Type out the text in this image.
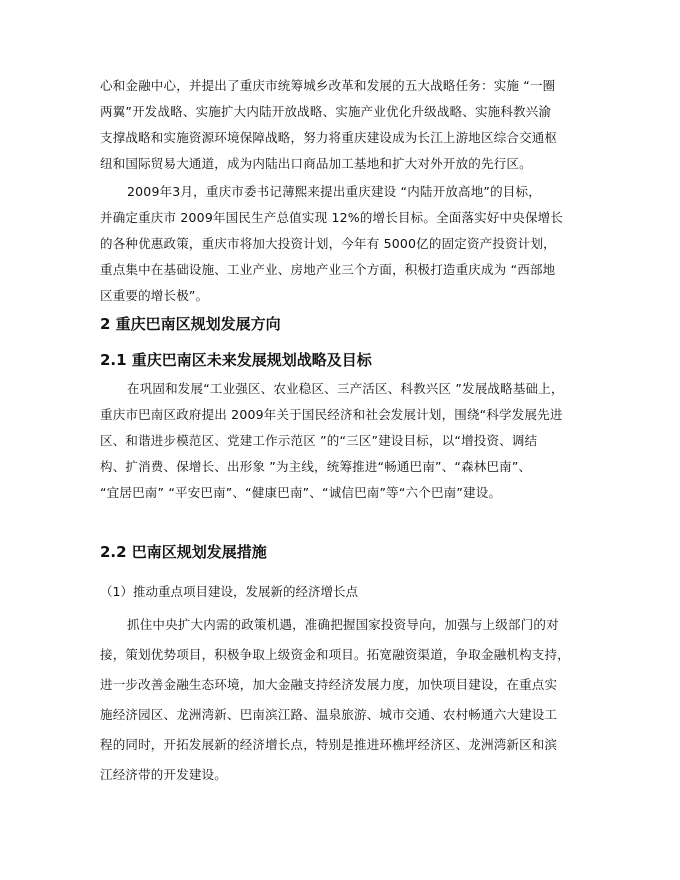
心和金融中心，并提出了重庆市统筹城乡改革和发展的五大战略任务：实施 “一圈
两翼”开发战略、实施扩大内陆开放战略、实施产业优化升级战略、实施科教兴渝
支撑战略和实施资源环境保障战略，努力将重庆建设成为长江上游地区综合交通枢
纽和国际贸易大通道，成为内陆出口商品加工基地和扩大对外开放的先行区。
2009年3月，重庆市委书记薄熙来提出重庆建设 “内陆开放高地”的目标，
并确定重庆市 2009年国民生产总值实现 12%的增长目标。全面落实好中央保增长
的各种优惠政策，重庆市将加大投资计划，今年有 5000亿的固定资产投资计划，
重点集中在基础设施、工业产业、房地产业三个方面，积极打造重庆成为 “西部地
区重要的增长极”。
2 重庆巴南区规划发展方向
2.1 重庆巴南区未来发展规划战略及目标
在巩固和发展“工业强区、农业稳区、三产活区、科教兴区 ”发展战略基础上，
重庆市巴南区政府提出 2009年关于国民经济和社会发展计划，围绕“科学发展先进
区、和谐进步模范区、党建工作示范区 ”的“三区”建设目标，以“增投资、调结
构、扩消费、保增长、出形象 ”为主线，统筹推进“畅通巴南”、“森林巴南”、
“宜居巴南” “平安巴南”、“健康巴南”、“诚信巴南”等“六个巴南”建设。
2.2 巴南区规划发展措施
（1）推动重点项目建设，发展新的经济增长点
抓住中央扩大内需的政策机遇，准确把握国家投资导向，加强与上级部门的对
接，策划优势项目，积极争取上级资金和项目。拓宽融资渠道，争取金融机构支持，
进一步改善金融生态环境，加大金融支持经济发展力度，加快项目建设，在重点实
施经济园区、龙洲湾新、巴南滨江路、温泉旅游、城市交通、农村畅通六大建设工
程的同时，开拓发展新的经济增长点，特别是推进环樵坪经济区、龙洲湾新区和滨
江经济带的开发建设。
